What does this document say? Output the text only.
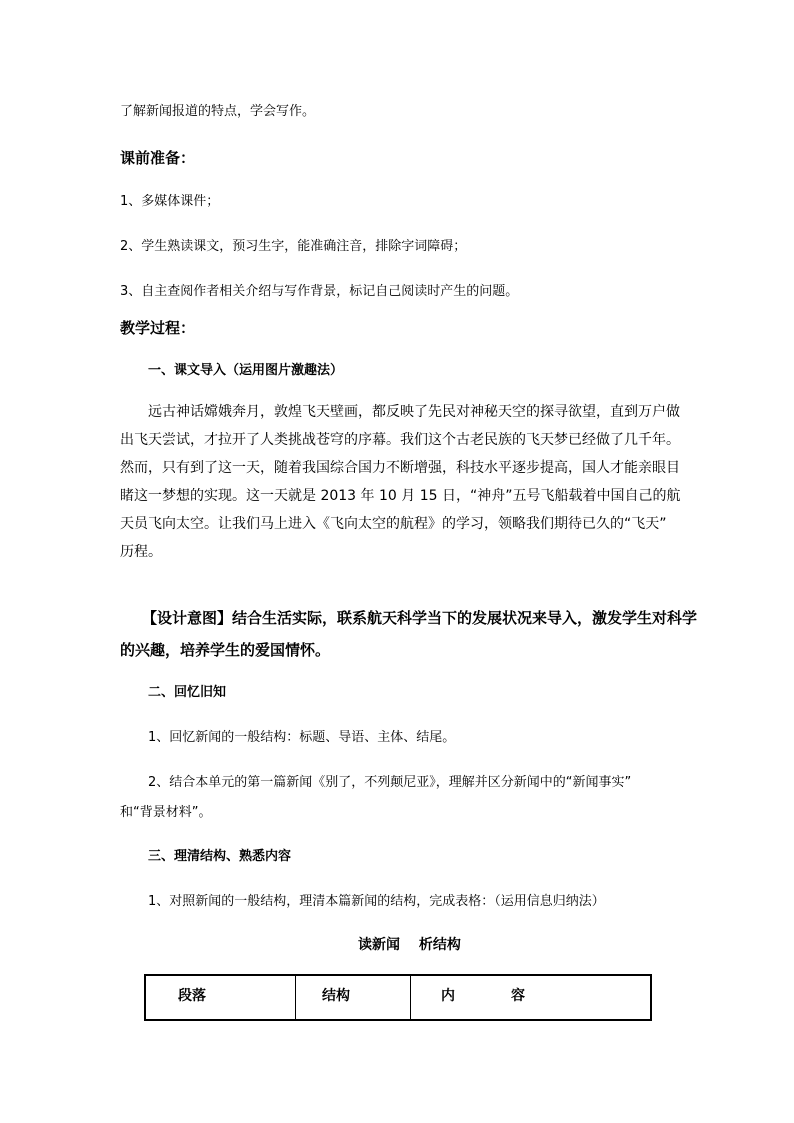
了解新闻报道的特点，学会写作。
课前准备：
1、多媒体课件；
2、学生熟读课文，预习生字，能准确注音，排除字词障碍；
3、自主查阅作者相关介绍与写作背景，标记自己阅读时产生的问题。
教学过程：
一、课文导入（运用图片激趣法）

远古神话嫦娥奔月，敦煌飞天壁画，都反映了先民对神秘天空的探寻欲望，直到万户做

出飞天尝试，才拉开了人类挑战苍穹的序幕。我们这个古老民族的飞天梦已经做了几千年。

然而，只有到了这一天，随着我国综合国力不断增强，科技水平逐步提高，国人才能亲眼目

睹这一梦想的实现。这一天就是 2013 年 10 月 15 日，“神舟”五号飞船载着中国自己的航

天员飞向太空。让我们马上进入《飞向太空的航程》的学习，领略我们期待已久的“飞天”

历程。

【设计意图】结合生活实际，联系航天科学当下的发展状况来导入，激发学生对科学

的兴趣，培养学生的爱国情怀。

二、回忆旧知
1、回忆新闻的一般结构：标题、导语、主体、结尾。
2、结合本单元的第一篇新闻《别了，不列颠尼亚》，理解并区分新闻中的“新闻事实”
和“背景材料”。
三、理清结构、熟悉内容
1、对照新闻的一般结构，理清本篇新闻的结构，完成表格：（运用信息归纳法）
读新闻　 析结构
段落	结构	内　　　　容
